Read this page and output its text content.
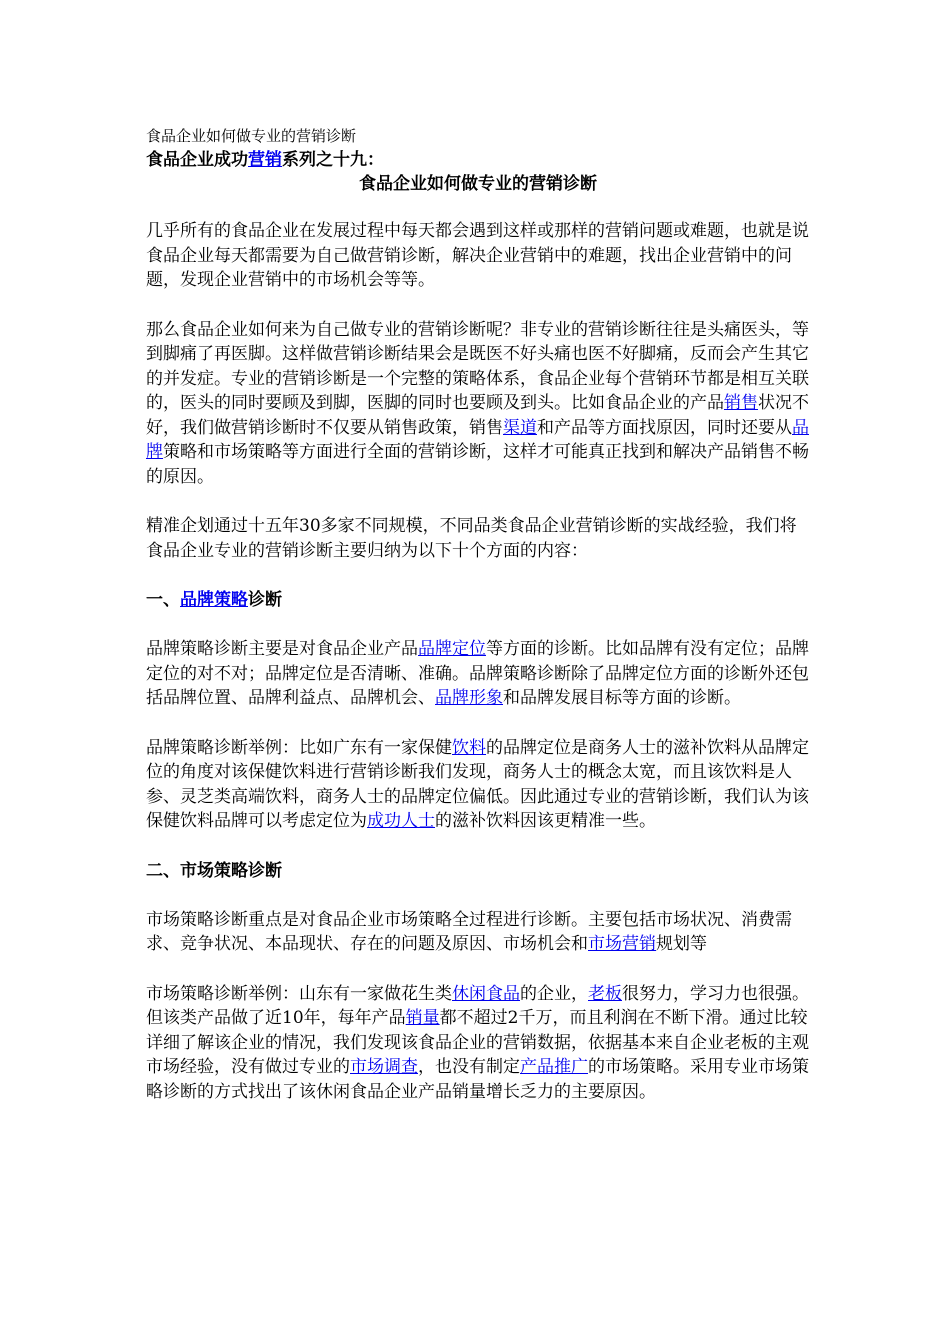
食品企业如何做专业的营销诊断
食品企业成功营销系列之十九：
食品企业如何做专业的营销诊断

几乎所有的食品企业在发展过程中每天都会遇到这样或那样的营销问题或难题，也就是说食品企业每天都需要为自己做营销诊断，解决企业营销中的难题，找出企业营销中的问题，发现企业营销中的市场机会等等。

那么食品企业如何来为自己做专业的营销诊断呢？非专业的营销诊断往往是头痛医头，等到脚痛了再医脚。这样做营销诊断结果会是既医不好头痛也医不好脚痛，反而会产生其它的并发症。专业的营销诊断是一个完整的策略体系，食品企业每个营销环节都是相互关联的，医头的同时要顾及到脚，医脚的同时也要顾及到头。比如食品企业的产品销售状况不好，我们做营销诊断时不仅要从销售政策，销售渠道和产品等方面找原因，同时还要从品牌策略和市场策略等方面进行全面的营销诊断，这样才可能真正找到和解决产品销售不畅的原因。

精准企划通过十五年30多家不同规模，不同品类食品企业营销诊断的实战经验，我们将食品企业专业的营销诊断主要归纳为以下十个方面的内容：

一、品牌策略诊断

品牌策略诊断主要是对食品企业产品品牌定位等方面的诊断。比如品牌有没有定位；品牌定位的对不对；品牌定位是否清晰、准确。品牌策略诊断除了品牌定位方面的诊断外还包括品牌位置、品牌利益点、品牌机会、品牌形象和品牌发展目标等方面的诊断。

品牌策略诊断举例：比如广东有一家保健饮料的品牌定位是商务人士的滋补饮料从品牌定位的角度对该保健饮料进行营销诊断我们发现，商务人士的概念太宽，而且该饮料是人参、灵芝类高端饮料，商务人士的品牌定位偏低。因此通过专业的营销诊断，我们认为该保健饮料品牌可以考虑定位为成功人士的滋补饮料因该更精准一些。

二、市场策略诊断

市场策略诊断重点是对食品企业市场策略全过程进行诊断。主要包括市场状况、消费需求、竞争状况、本品现状、存在的问题及原因、市场机会和市场营销规划等

市场策略诊断举例：山东有一家做花生类休闲食品的企业，老板很努力，学习力也很强。但该类产品做了近10年，每年产品销量都不超过2千万，而且利润在不断下滑。通过比较详细了解该企业的情况，我们发现该食品企业的营销数据，依据基本来自企业老板的主观市场经验，没有做过专业的市场调查，也没有制定产品推广的市场策略。采用专业市场策略诊断的方式找出了该休闲食品企业产品销量增长乏力的主要原因。
